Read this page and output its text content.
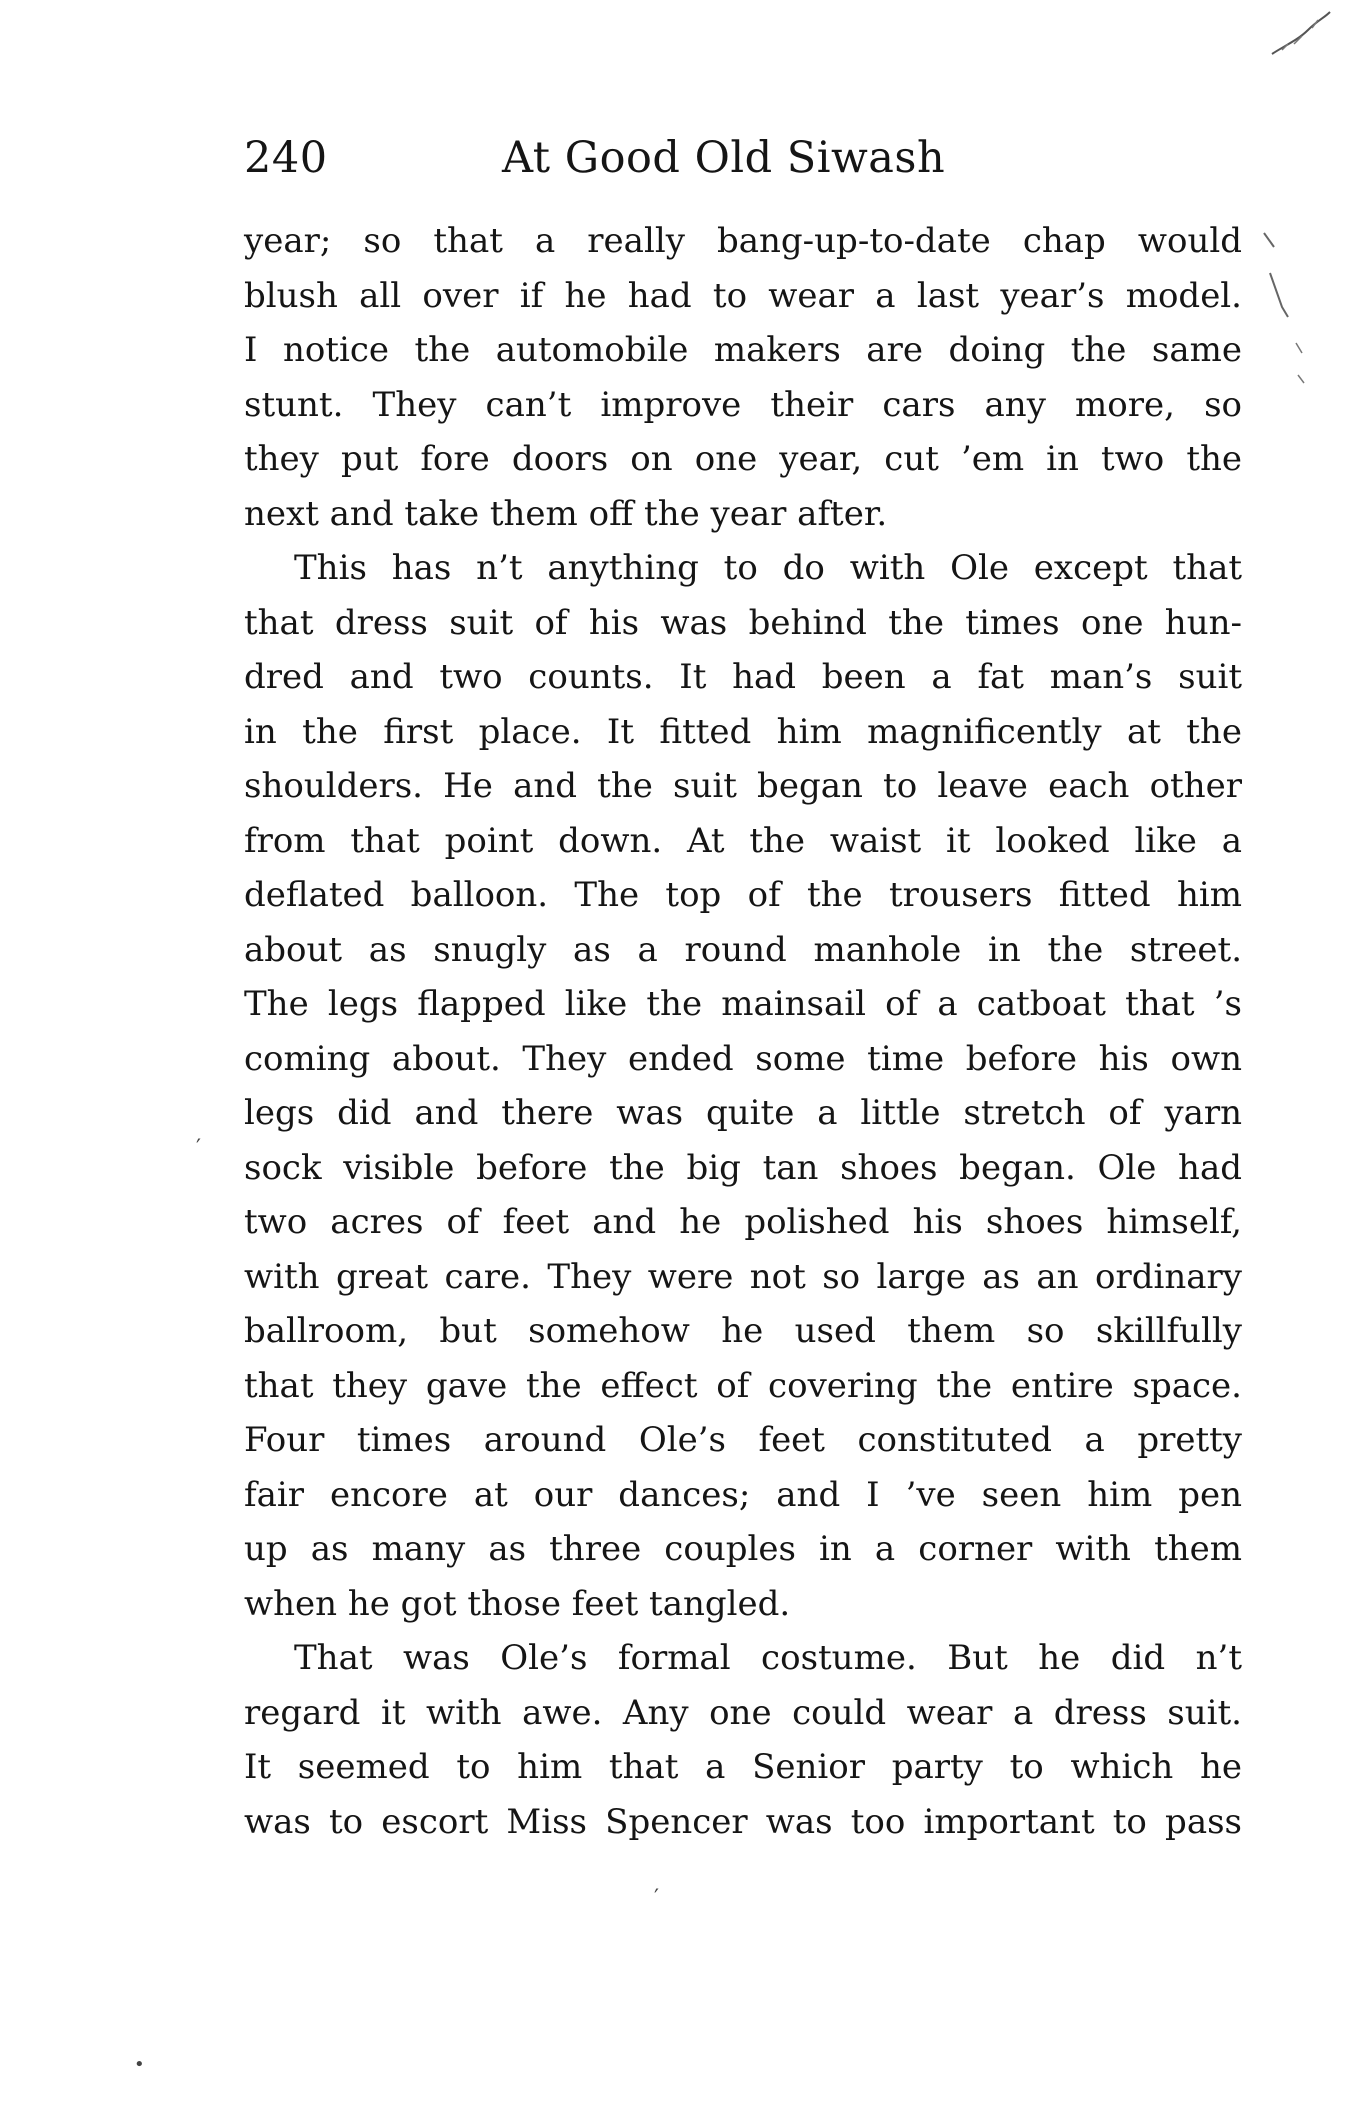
′
′
•
240	At Good Old Siwash
year; so that a really bang-up-to-date chap would
blush all over if he had to wear a last year’s model.
I notice the automobile makers are doing the same
stunt. They can’t improve their cars any more, so
they put fore doors on one year, cut ’em in two the
next and take them off the year after.
This has n’t anything to do with Ole except that
that dress suit of his was behind the times one hun-
dred and two counts. It had been a fat man’s suit
in the first place. It fitted him magnificently at the
shoulders. He and the suit began to leave each other
from that point down. At the waist it looked like a
deflated balloon. The top of the trousers fitted him
about as snugly as a round manhole in the street.
The legs flapped like the mainsail of a catboat that ’s
coming about. They ended some time before his own
legs did and there was quite a little stretch of yarn
sock visible before the big tan shoes began. Ole had
two acres of feet and he polished his shoes himself,
with great care. They were not so large as an ordinary
ballroom, but somehow he used them so skillfully
that they gave the effect of covering the entire space.
Four times around Ole’s feet constituted a pretty
fair encore at our dances; and I ’ve seen him pen
up as many as three couples in a corner with them
when he got those feet tangled.
That was Ole’s formal costume. But he did n’t
regard it with awe. Any one could wear a dress suit.
It seemed to him that a Senior party to which he
was to escort Miss Spencer was too important to pass
